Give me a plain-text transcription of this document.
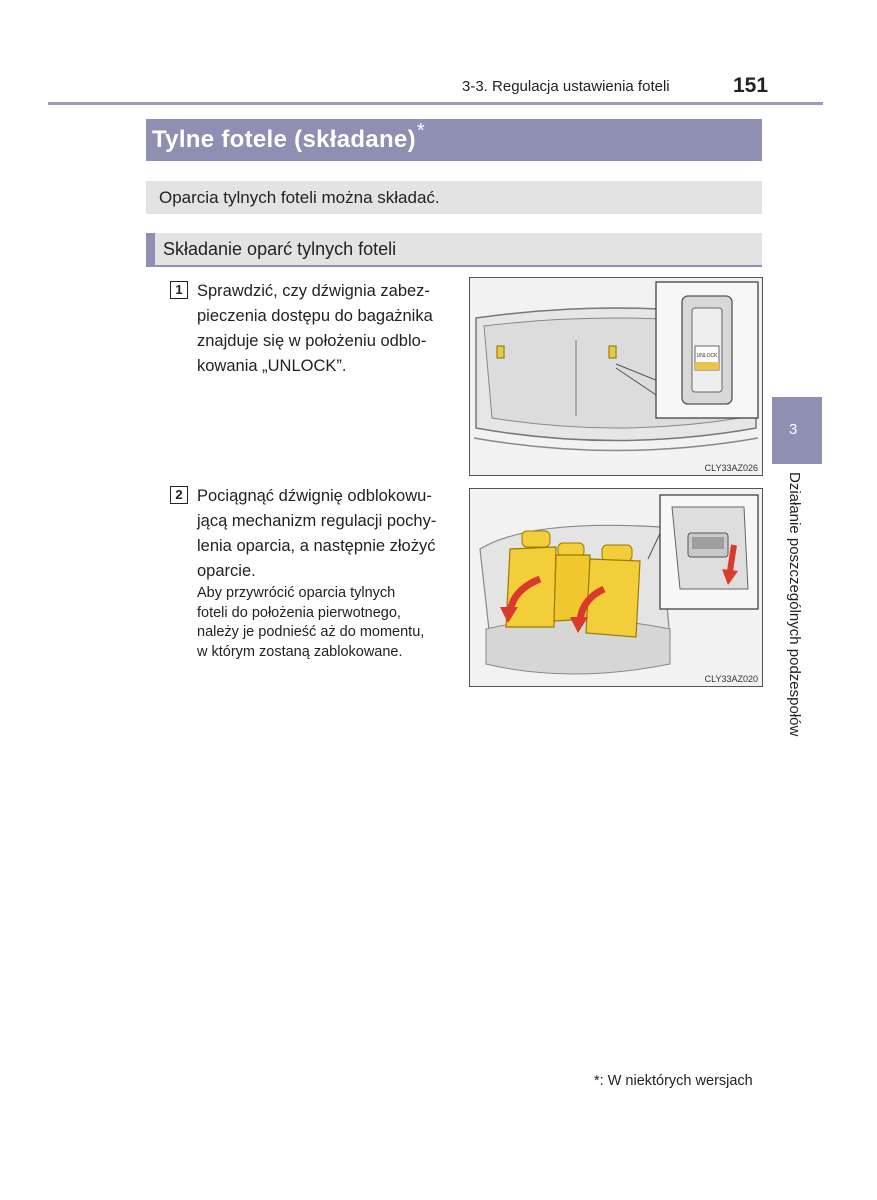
3-3. Regulacja ustawienia foteli	151
Tylne fotele (składane)*
Oparcia tylnych foteli można składać.
Składanie oparć tylnych foteli
1 Sprawdzić, czy dźwignia zabez-
pieczenia dostępu do bagażnika
znajduje się w położeniu odblo-
kowania „UNLOCK”.
UNLOCK
CLY33AZ026
2 Pociągnąć dźwignię odblokowu-
jącą mechanizm regulacji pochy-
lenia oparcia, a następnie złożyć
oparcie.
Aby przywrócić oparcia tylnych
foteli do położenia pierwotnego,
należy je podnieść aż do momentu,
w którym zostaną zablokowane.
CLY33AZ020
3
Działanie poszczególnych podzespołów
*: W niektórych wersjach
